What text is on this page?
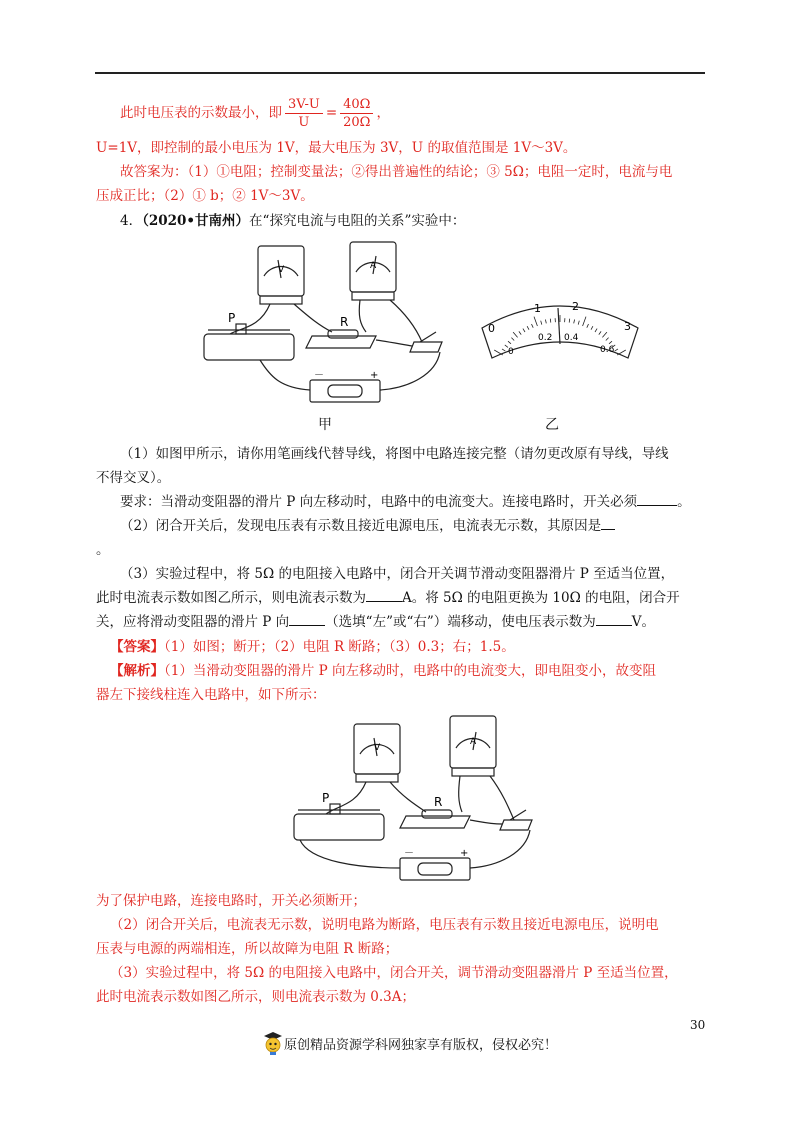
此时电压表的示数最小，即 $\frac{3V-U}{U} = \frac{40\Omega}{20\Omega}$ ，
U=1V，即控制的最小电压为 1V，最大电压为 3V，U 的取值范围是 1V～3V。
故答案为：（1）①电阻；控制变量法；②得出普遍性的结论；③ 5Ω；电阻一定时，电流与电
压成正比；（2）① b；② 1V～3V。
4．（2020•甘南州）在“探究电流与电阻的关系”实验中：
V	A
P	R
－	+
甲
0
1	2
3
0
0.2 0.4
0.6
乙
（1）如图甲所示，请你用笔画线代替导线，将图中电路连接完整（请勿更改原有导线，导线
不得交叉）。
要求：当滑动变阻器的滑片 P 向左移动时，电路中的电流变大。连接电路时，开关必须	。
（2）闭合开关后，发现电压表有示数且接近电源电压，电流表无示数，其原因是
。
（3）实验过程中，将 5Ω 的电阻接入电路中，闭合开关调节滑动变阻器滑片 P 至适当位置，
此时电流表示数如图乙所示，则电流表示数为	A。将 5Ω 的电阻更换为 10Ω 的电阻，闭合开
关，应将滑动变阻器的滑片 P 向	（选填“左”或“右”）端移动，使电压表示数为	V。
【答案】（1）如图；断开；（2）电阻 R 断路；（3）0.3；右；1.5。
【解析】（1）当滑动变阻器的滑片 P 向左移动时，电路中的电流变大，即电阻变小，故变阻
器左下接线柱连入电路中，如下所示：
V
A
P	R
－	+
为了保护电路，连接电路时，开关必须断开；
（2）闭合开关后，电流表无示数，说明电路为断路，电压表有示数且接近电源电压，说明电
压表与电源的两端相连，所以故障为电阻 R 断路；
（3）实验过程中，将 5Ω 的电阻接入电路中，闭合开关，调节滑动变阻器滑片 P 至适当位置，
此时电流表示数如图乙所示，则电流表示数为 0.3A；
30
原创精品资源学科网独家享有版权，侵权必究！
